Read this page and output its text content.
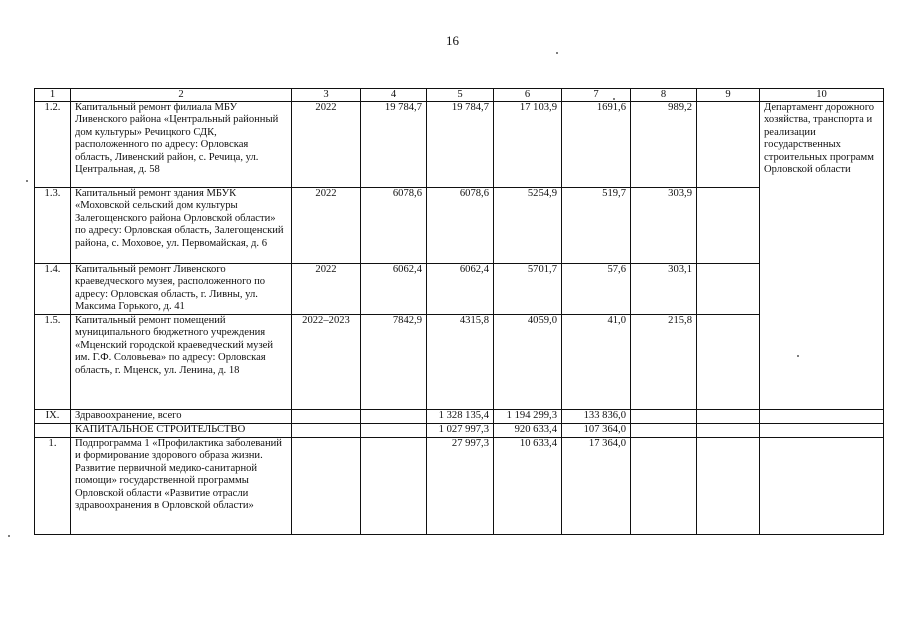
16
1	2	3	4	5	6	7	8	9	10
1.2.	Капитальный ремонт филиала МБУ Ливенского района «Центральный районный дом культуры» Речицкого СДК, расположенного по адресу: Орловская область, Ливенский район, с. Речица, ул. Центральная, д. 58	2022	19 784,7	19 784,7	17 103,9	1691,6	989,2		Департамент дорожного хозяйства, транспорта и реализации государственных строительных программ Орловской области
1.3.	Капитальный ремонт здания МБУК «Моховской сельский дом культуры Залегощенского района Орловской области» по адресу: Орловская область, Залегощенский района, с. Моховое, ул. Первомайская, д. 6	2022	6078,6	6078,6	5254,9	519,7	303,9		
1.4.	Капитальный ремонт Ливенского краеведческого музея, расположенного по адресу: Орловская область, г. Ливны, ул. Максима Горького, д. 41	2022	6062,4	6062,4	5701,7	57,6	303,1		
1.5.	Капитальный ремонт помещений муниципального бюджетного учреждения «Мценский городской краеведческий музей им. Г.Ф. Соловьева» по адресу: Орловская область, г. Мценск, ул. Ленина, д. 18	2022–2023	7842,9	4315,8	4059,0	41,0	215,8		
IX.	Здравоохранение, всего			1 328 135,4	1 194 299,3	133 836,0			
	КАПИТАЛЬНОЕ СТРОИТЕЛЬСТВО			1 027 997,3	920 633,4	107 364,0			
1.	Подпрограмма 1 «Профилактика заболеваний и формирование здорового образа жизни. Развитие первичной медико-санитарной помощи» государственной программы Орловской области «Развитие отрасли здравоохранения в Орловской области»			27 997,3	10 633,4	17 364,0			
